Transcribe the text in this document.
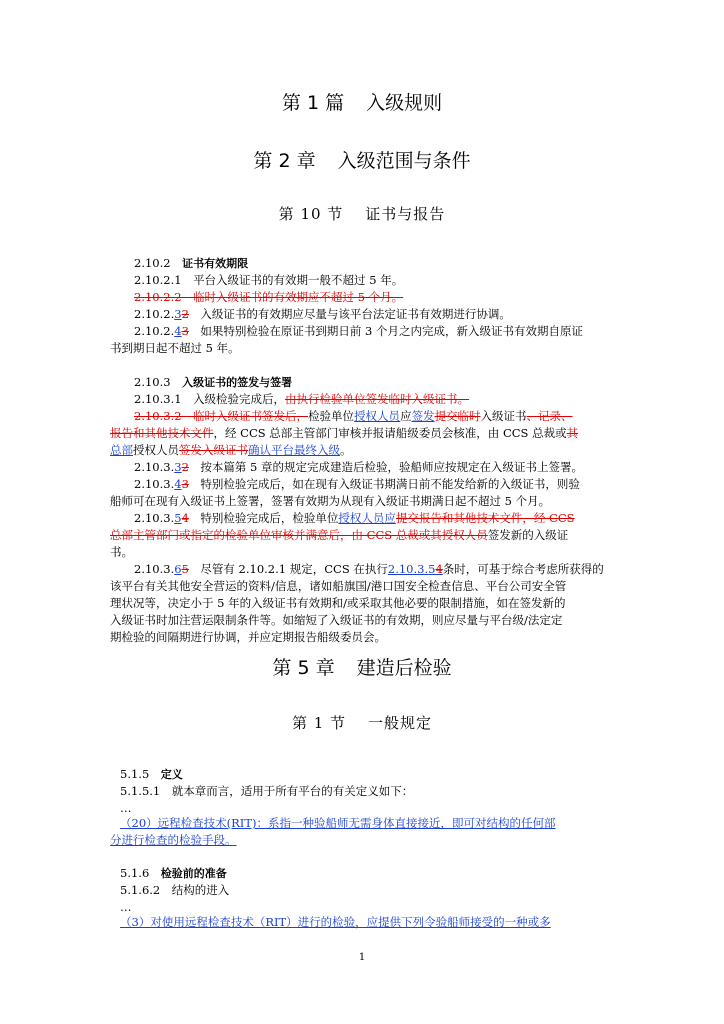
第 1 篇 入级规则
第 2 章 入级范围与条件
第 10 节 证书与报告
2.10.2　 证书有效期限
2.10.2.1　 平台入级证书的有效期一般不超过 5 年。
2.10.2.2　临时入级证书的有效期应不超过 5 个月。
2.10.2.32　 入级证书的有效期应尽量与该平台法定证书有效期进行协调。
2.10.2.43　 如果特别检验在原证书到期日前 3 个月之内完成，新入级证书有效期自原证
书到期日起不超过 5 年。
2.10.3　 入级证书的签发与签署
2.10.3.1　 入级检验完成后，由执行检验单位签发临时入级证书。
2.10.3.2　临时入级证书签发后，检验单位授权人员应签发提交临时入级证书、记录、
报告和其他技术文件，经 CCS 总部主管部门审核并报请船级委员会核准，由 CCS 总裁或其
总部授权人员签发入级证书确认平台最终入级。
2.10.3.32　 按本篇第 5 章的规定完成建造后检验，验船师应按规定在入级证书上签署。
2.10.3.43　 特别检验完成后，如在现有入级证书期满日前不能发给新的入级证书，则验
船师可在现有入级证书上签署，签署有效期为从现有入级证书期满日起不超过 5 个月。
2.10.3.54　 特别检验完成后，检验单位授权人员应提交报告和其他技术文件，经 CCS
总部主管部门或指定的检验单位审核并满意后，由 CCS 总裁或其授权人员签发新的入级证
书。
2.10.3.65　 尽管有 2.10.2.1 规定，CCS 在执行2.10.3.54条时，可基于综合考虑所获得的
该平台有关其他安全营运的资料/信息，诸如船旗国/港口国安全检查信息、平台公司安全管
理状况等，决定小于 5 年的入级证书有效期和/或采取其他必要的限制措施，如在签发新的
入级证书时加注营运限制条件等。如缩短了入级证书的有效期，则应尽量与平台级/法定定
期检验的间隔期进行协调，并应定期报告船级委员会。
第 5 章 建造后检验
第 1 节 一般规定
5.1.5　 定义
5.1.5.1　 就本章而言，适用于所有平台的有关定义如下：
…
（20）远程检查技术(RIT)：系指一种验船师无需身体直接接近，即可对结构的任何部
分进行检查的检验手段。
5.1.6　 检验前的准备
5.1.6.2　 结构的进入
…
（3）对使用远程检查技术（RIT）进行的检验，应提供下列令验船师接受的一种或多
1
